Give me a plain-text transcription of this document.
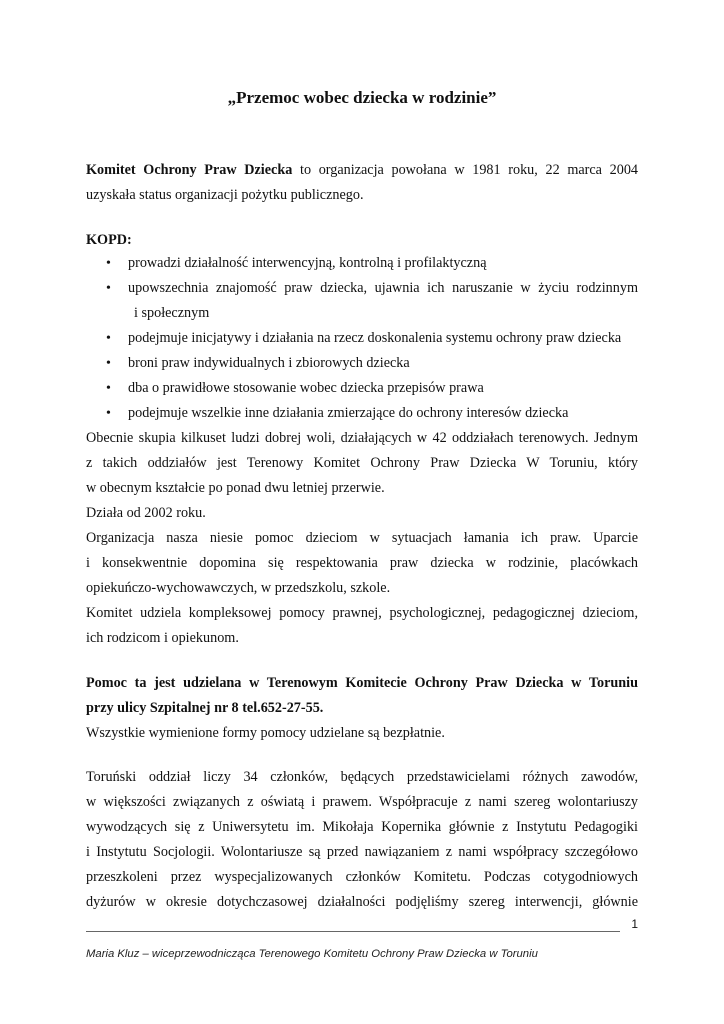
„Przemoc wobec dziecka w rodzinie”
Komitet Ochrony Praw Dziecka to organizacja powołana w 1981 roku, 22 marca 2004
uzyskała status organizacji pożytku publicznego.
KOPD:
•
prowadzi działalność interwencyjną, kontrolną i profilaktyczną
•
upowszechnia znajomość praw dziecka, ujawnia ich naruszanie w życiu rodzinnym
i społecznym
•
podejmuje inicjatywy i działania na rzecz doskonalenia systemu ochrony praw dziecka
•
broni praw indywidualnych i zbiorowych dziecka
•
dba o prawidłowe stosowanie wobec dziecka przepisów prawa
•
podejmuje wszelkie inne działania zmierzające do ochrony interesów dziecka
Obecnie skupia kilkuset ludzi dobrej woli, działających w 42 oddziałach terenowych. Jednym
z takich oddziałów jest Terenowy Komitet Ochrony Praw Dziecka W Toruniu, który
w obecnym kształcie po ponad dwu letniej przerwie.
Działa od 2002 roku.
Organizacja nasza niesie pomoc dzieciom w sytuacjach łamania ich praw. Uparcie
i konsekwentnie dopomina się respektowania praw dziecka w rodzinie, placówkach
opiekuńczo-wychowawczych, w przedszkolu, szkole.
Komitet udziela kompleksowej pomocy prawnej, psychologicznej, pedagogicznej dzieciom,
ich rodzicom i opiekunom.
Pomoc ta jest udzielana w Terenowym Komitecie Ochrony Praw Dziecka w Toruniu
przy ulicy Szpitalnej nr 8 tel.652-27-55.
Wszystkie wymienione formy pomocy udzielane są bezpłatnie.
Toruński oddział liczy 34 członków, będących przedstawicielami różnych zawodów,
w większości związanych z oświatą i prawem. Współpracuje z nami szereg wolontariuszy
wywodzących się z Uniwersytetu im. Mikołaja Kopernika głównie z Instytutu Pedagogiki
i Instytutu Socjologii. Wolontariusze są przed nawiązaniem z nami współpracy szczegółowo
przeszkoleni przez wyspecjalizowanych członków Komitetu. Podczas cotygodniowych
dyżurów w okresie dotychczasowej działalności podjęliśmy szereg interwencji, głównie
1
Maria Kluz – wiceprzewodnicząca Terenowego Komitetu Ochrony Praw Dziecka w Toruniu
